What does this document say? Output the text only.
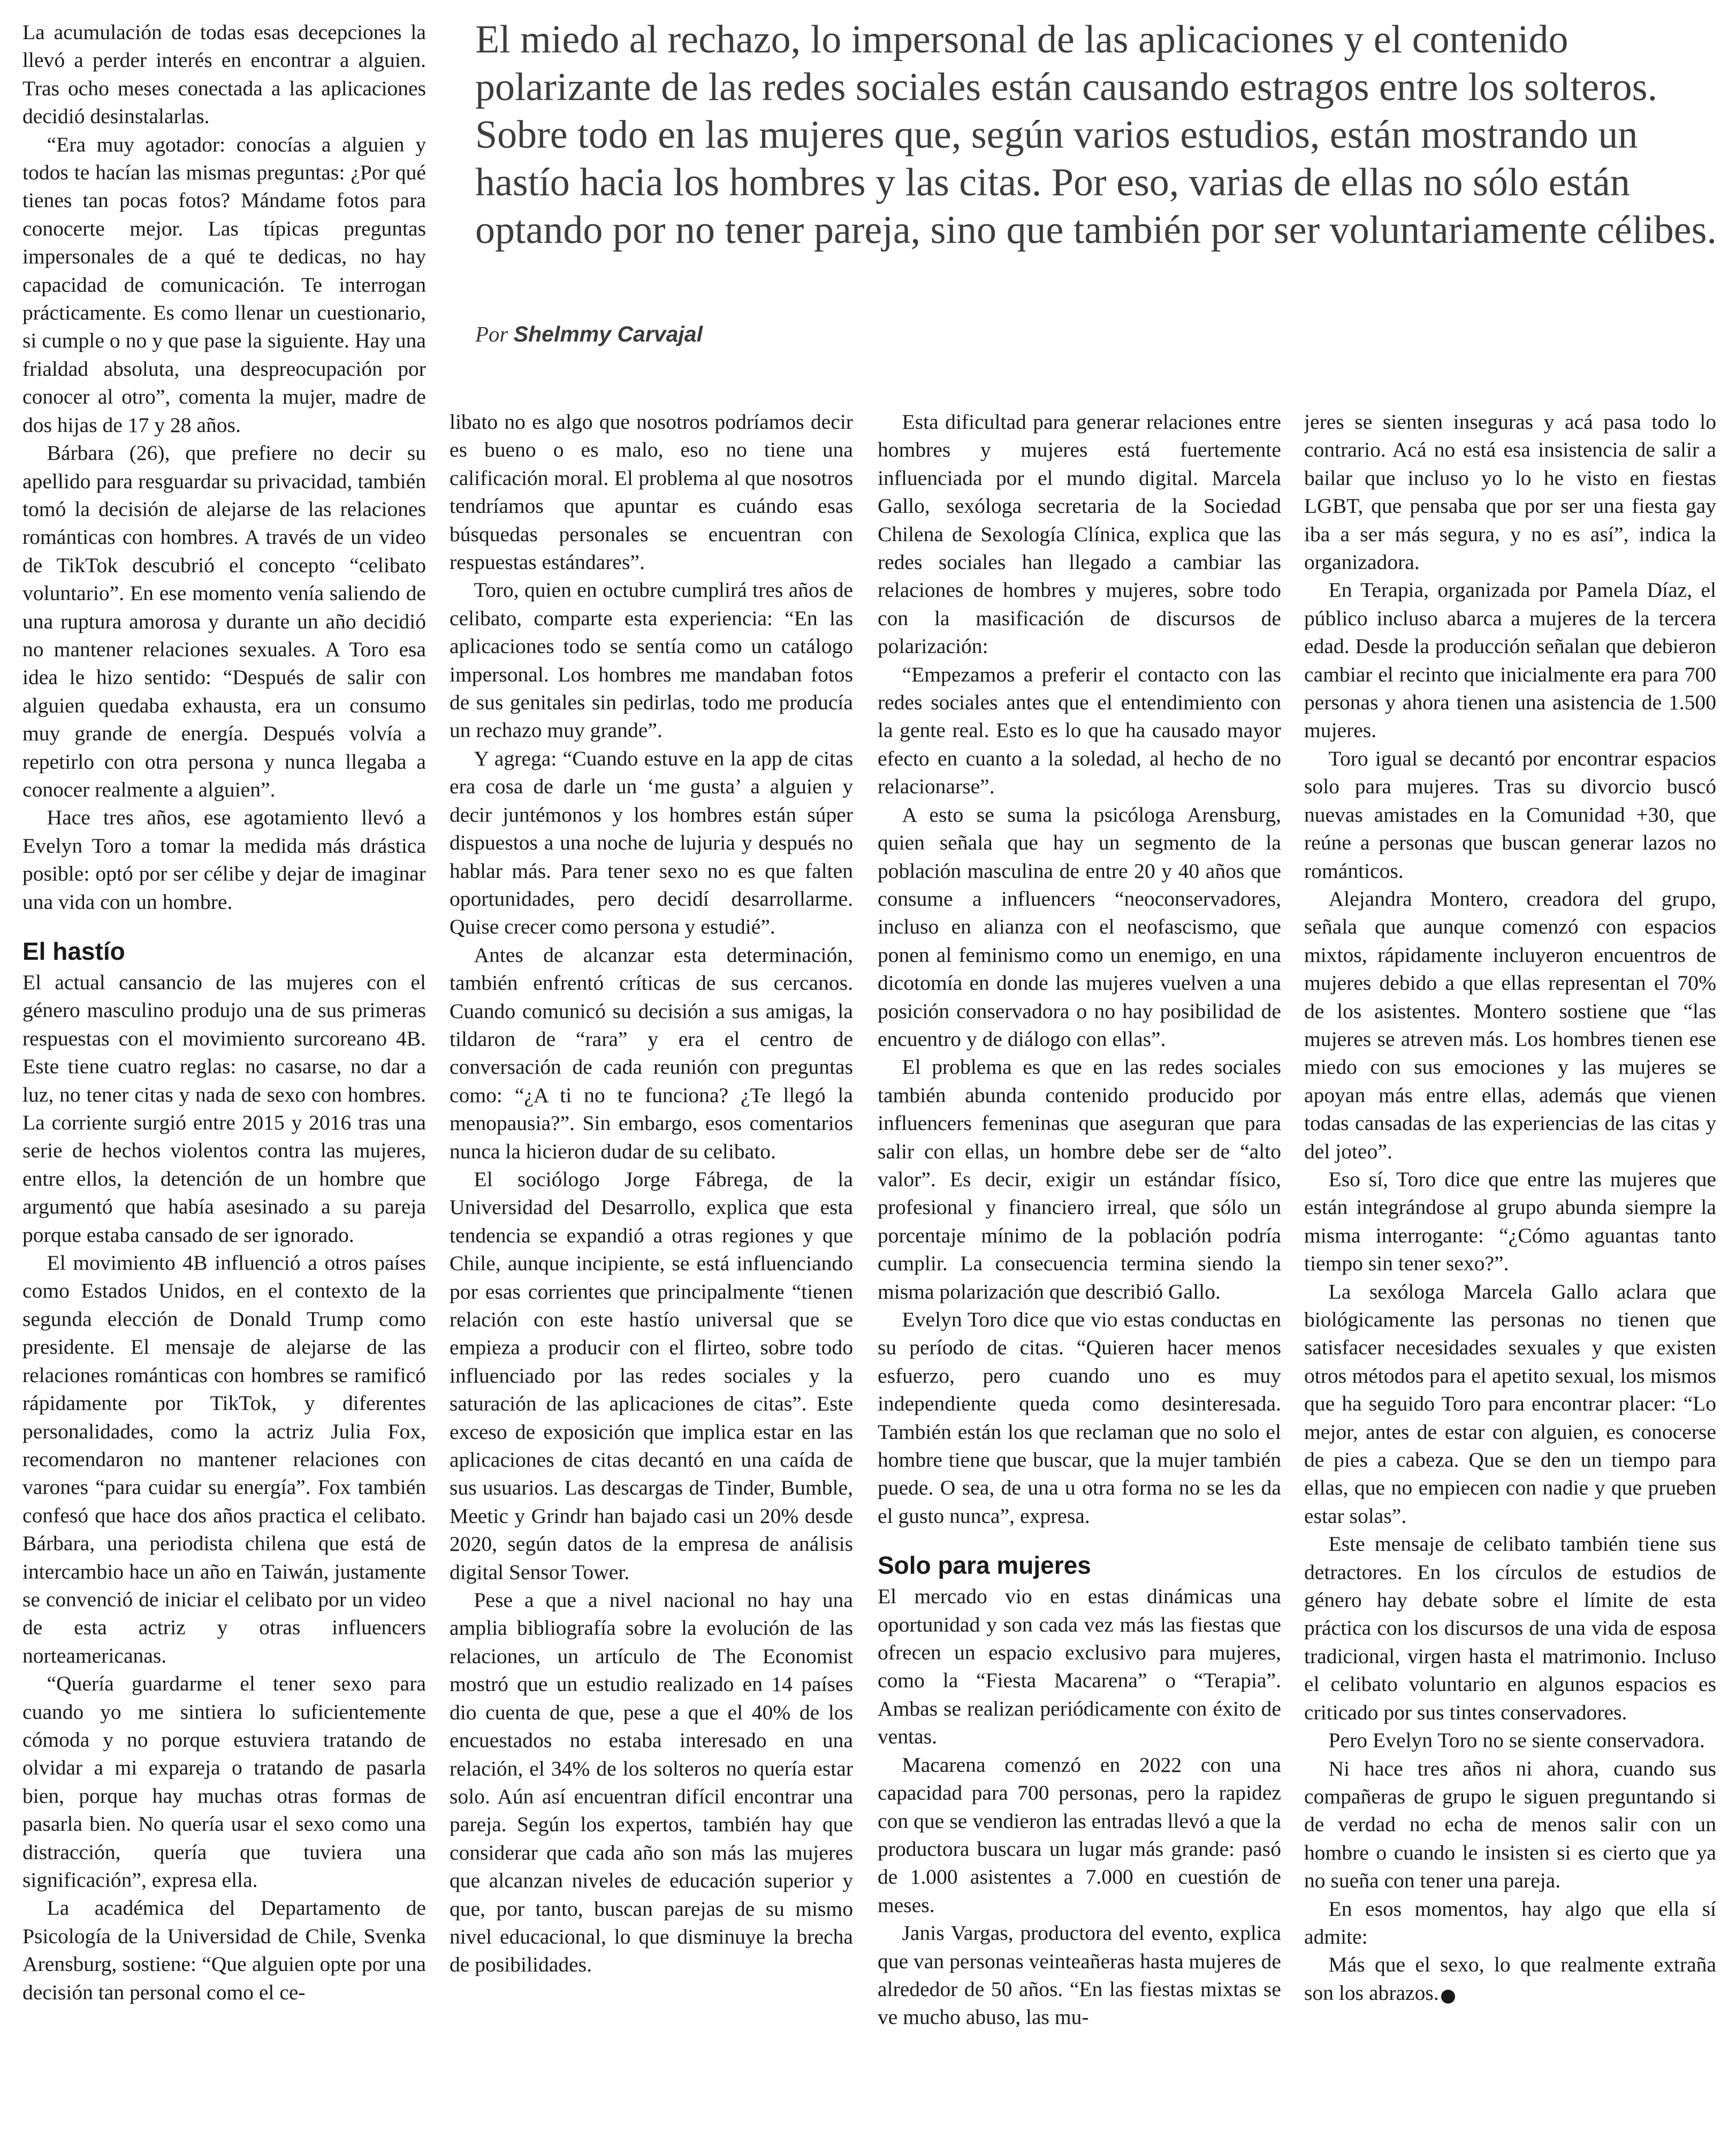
La acumulación de todas esas decepciones la llevó a perder interés en encontrar a alguien. Tras ocho meses conectada a las aplicaciones decidió desinstalarlas.

“Era muy agotador: conocías a alguien y todos te hacían las mismas preguntas: ¿Por qué tienes tan pocas fotos? Mándame fotos para conocerte mejor. Las típicas preguntas impersonales de a qué te dedicas, no hay capacidad de comunicación. Te interrogan prácticamente. Es como llenar un cuestionario, si cumple o no y que pase la siguiente. Hay una frialdad absoluta, una despreocupación por conocer al otro”, comenta la mujer, madre de dos hijas de 17 y 28 años.

Bárbara (26), que prefiere no decir su apellido para resguardar su privacidad, también tomó la decisión de alejarse de las relaciones románticas con hombres. A través de un video de TikTok descubrió el concepto “celibato voluntario”. En ese momento venía saliendo de una ruptura amorosa y durante un año decidió no mantener relaciones sexuales. A Toro esa idea le hizo sentido: “Después de salir con alguien quedaba exhausta, era un consumo muy grande de energía. Después volvía a repetirlo con otra persona y nunca llegaba a conocer realmente a alguien”.

Hace tres años, ese agotamiento llevó a Evelyn Toro a tomar la medida más drástica posible: optó por ser célibe y dejar de imaginar una vida con un hombre.

El hastío

El actual cansancio de las mujeres con el género masculino produjo una de sus primeras respuestas con el movimiento surcoreano 4B. Este tiene cuatro reglas: no casarse, no dar a luz, no tener citas y nada de sexo con hombres. La corriente surgió entre 2015 y 2016 tras una serie de hechos violentos contra las mujeres, entre ellos, la detención de un hombre que argumentó que había asesinado a su pareja porque estaba cansado de ser ignorado.

El movimiento 4B influenció a otros países como Estados Unidos, en el contexto de la segunda elección de Donald Trump como presidente. El mensaje de alejarse de las relaciones románticas con hombres se ramificó rápidamente por TikTok, y diferentes personalidades, como la actriz Julia Fox, recomendaron no mantener relaciones con varones “para cuidar su energía”. Fox también confesó que hace dos años practica el celibato. Bárbara, una periodista chilena que está de intercambio hace un año en Taiwán, justamente se convenció de iniciar el celibato por un video de esta actriz y otras influencers norteamericanas.

“Quería guardarme el tener sexo para cuando yo me sintiera lo suficientemente cómoda y no porque estuviera tratando de olvidar a mi expareja o tratando de pasarla bien, porque hay muchas otras formas de pasarla bien. No quería usar el sexo como una distracción, quería que tuviera una significación”, expresa ella.

La académica del Departamento de Psicología de la Universidad de Chile, Svenka Arensburg, sostiene: “Que alguien opte por una decisión tan personal como el ce-

El miedo al rechazo, lo impersonal de las aplicaciones y el contenido polarizante de las redes sociales están causando estragos entre los solteros. Sobre todo en las mujeres que, según varios estudios, están mostrando un hastío hacia los hombres y las citas. Por eso, varias de ellas no sólo están optando por no tener pareja, sino que también por ser voluntariamente célibes.
Por Shelmmy Carvajal

libato no es algo que nosotros podríamos decir es bueno o es malo, eso no tiene una calificación moral. El problema al que nosotros tendríamos que apuntar es cuándo esas búsquedas personales se encuentran con respuestas estándares”.

Toro, quien en octubre cumplirá tres años de celibato, comparte esta experiencia: “En las aplicaciones todo se sentía como un catálogo impersonal. Los hombres me mandaban fotos de sus genitales sin pedirlas, todo me producía un rechazo muy grande”.

Y agrega: “Cuando estuve en la app de citas era cosa de darle un ‘me gusta’ a alguien y decir juntémonos y los hombres están súper dispuestos a una noche de lujuria y después no hablar más. Para tener sexo no es que falten oportunidades, pero decidí desarrollarme. Quise crecer como persona y estudié”.

Antes de alcanzar esta determinación, también enfrentó críticas de sus cercanos. Cuando comunicó su decisión a sus amigas, la tildaron de “rara” y era el centro de conversación de cada reunión con preguntas como: “¿A ti no te funciona? ¿Te llegó la menopausia?”. Sin embargo, esos comentarios nunca la hicieron dudar de su celibato.

El sociólogo Jorge Fábrega, de la Universidad del Desarrollo, explica que esta tendencia se expandió a otras regiones y que Chile, aunque incipiente, se está influenciando por esas corrientes que principalmente “tienen relación con este hastío universal que se empieza a producir con el flirteo, sobre todo influenciado por las redes sociales y la saturación de las aplicaciones de citas”. Este exceso de exposición que implica estar en las aplicaciones de citas decantó en una caída de sus usuarios. Las descargas de Tinder, Bumble, Meetic y Grindr han bajado casi un 20% desde 2020, según datos de la empresa de análisis digital Sensor Tower.

Pese a que a nivel nacional no hay una amplia bibliografía sobre la evolución de las relaciones, un artículo de The Economist mostró que un estudio realizado en 14 países dio cuenta de que, pese a que el 40% de los encuestados no estaba interesado en una relación, el 34% de los solteros no quería estar solo. Aún así encuentran difícil encontrar una pareja. Según los expertos, también hay que considerar que cada año son más las mujeres que alcanzan niveles de educación superior y que, por tanto, buscan parejas de su mismo nivel educacional, lo que disminuye la brecha de posibilidades.

Esta dificultad para generar relaciones entre hombres y mujeres está fuertemente influenciada por el mundo digital. Marcela Gallo, sexóloga secretaria de la Sociedad Chilena de Sexología Clínica, explica que las redes sociales han llegado a cambiar las relaciones de hombres y mujeres, sobre todo con la masificación de discursos de polarización:

“Empezamos a preferir el contacto con las redes sociales antes que el entendimiento con la gente real. Esto es lo que ha causado mayor efecto en cuanto a la soledad, al hecho de no relacionarse”.

A esto se suma la psicóloga Arensburg, quien señala que hay un segmento de la población masculina de entre 20 y 40 años que consume a influencers “neoconservadores, incluso en alianza con el neofascismo, que ponen al feminismo como un enemigo, en una dicotomía en donde las mujeres vuelven a una posición conservadora o no hay posibilidad de encuentro y de diálogo con ellas”.

El problema es que en las redes sociales también abunda contenido producido por influencers femeninas que aseguran que para salir con ellas, un hombre debe ser de “alto valor”. Es decir, exigir un estándar físico, profesional y financiero irreal, que sólo un porcentaje mínimo de la población podría cumplir. La consecuencia termina siendo la misma polarización que describió Gallo.

Evelyn Toro dice que vio estas conductas en su período de citas. “Quieren hacer menos esfuerzo, pero cuando uno es muy independiente queda como desinteresada. También están los que reclaman que no solo el hombre tiene que buscar, que la mujer también puede. O sea, de una u otra forma no se les da el gusto nunca”, expresa.

Solo para mujeres

El mercado vio en estas dinámicas una oportunidad y son cada vez más las fiestas que ofrecen un espacio exclusivo para mujeres, como la “Fiesta Macarena” o “Terapia”. Ambas se realizan periódicamente con éxito de ventas.

Macarena comenzó en 2022 con una capacidad para 700 personas, pero la rapidez con que se vendieron las entradas llevó a que la productora buscara un lugar más grande: pasó de 1.000 asistentes a 7.000 en cuestión de meses.

Janis Vargas, productora del evento, explica que van personas veinteañeras hasta mujeres de alrededor de 50 años. “En las fiestas mixtas se ve mucho abuso, las mu-

jeres se sienten inseguras y acá pasa todo lo contrario. Acá no está esa insistencia de salir a bailar que incluso yo lo he visto en fiestas LGBT, que pensaba que por ser una fiesta gay iba a ser más segura, y no es así”, indica la organizadora.

En Terapia, organizada por Pamela Díaz, el público incluso abarca a mujeres de la tercera edad. Desde la producción señalan que debieron cambiar el recinto que inicialmente era para 700 personas y ahora tienen una asistencia de 1.500 mujeres.

Toro igual se decantó por encontrar espacios solo para mujeres. Tras su divorcio buscó nuevas amistades en la Comunidad +30, que reúne a personas que buscan generar lazos no románticos.

Alejandra Montero, creadora del grupo, señala que aunque comenzó con espacios mixtos, rápidamente incluyeron encuentros de mujeres debido a que ellas representan el 70% de los asistentes. Montero sostiene que “las mujeres se atreven más. Los hombres tienen ese miedo con sus emociones y las mujeres se apoyan más entre ellas, además que vienen todas cansadas de las experiencias de las citas y del joteo”.

Eso sí, Toro dice que entre las mujeres que están integrándose al grupo abunda siempre la misma interrogante: “¿Cómo aguantas tanto tiempo sin tener sexo?”.

La sexóloga Marcela Gallo aclara que biológicamente las personas no tienen que satisfacer necesidades sexuales y que existen otros métodos para el apetito sexual, los mismos que ha seguido Toro para encontrar placer: “Lo mejor, antes de estar con alguien, es conocerse de pies a cabeza. Que se den un tiempo para ellas, que no empiecen con nadie y que prueben estar solas”.

Este mensaje de celibato también tiene sus detractores. En los círculos de estudios de género hay debate sobre el límite de esta práctica con los discursos de una vida de esposa tradicional, virgen hasta el matrimonio. Incluso el celibato voluntario en algunos espacios es criticado por sus tintes conservadores.

Pero Evelyn Toro no se siente conservadora.

Ni hace tres años ni ahora, cuando sus compañeras de grupo le siguen preguntando si de verdad no echa de menos salir con un hombre o cuando le insisten si es cierto que ya no sueña con tener una pareja.

En esos momentos, hay algo que ella sí admite:

Más que el sexo, lo que realmente extraña son los abrazos.	D
